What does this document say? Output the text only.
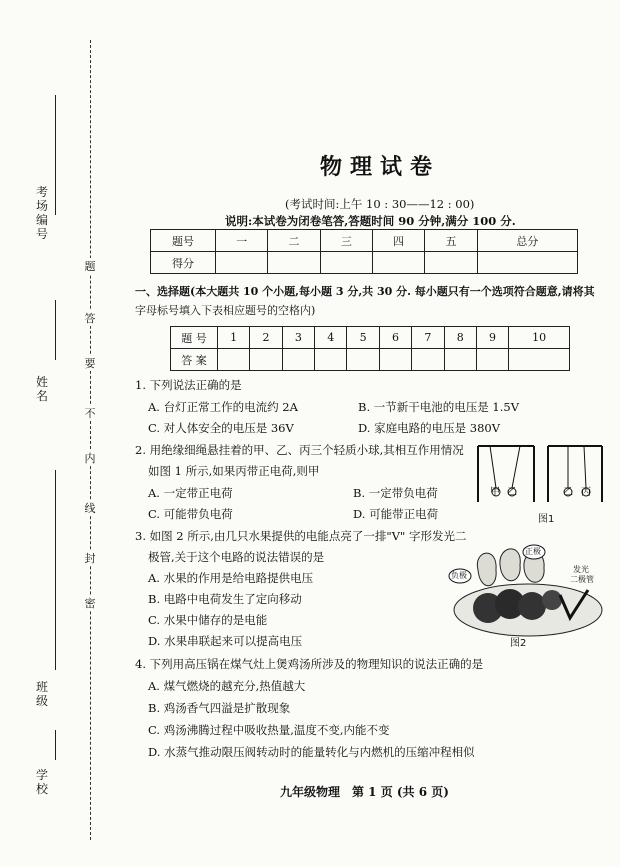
考场编号
姓名
班级
学校
题
答
要
不
内
线
封
密
物理试卷
(考试时间:上午 10 : 30——12 : 00)
说明:本试卷为闭卷笔答,答题时间 90 分钟,满分 100 分.
题号	一	二	三	四	五	总分
得分						
一、选择题(本大题共 10 个小题,每小题 3 分,共 30 分. 每小题只有一个选项符合题意,请将其
字母标号填入下表相应题号的空格内)
题 号	1	2	3	4	5	6	7	8	9	10
答 案										
1. 下列说法正确的是
A. 台灯正常工作的电流约 2A	B. 一节新干电池的电压是 1.5V
C. 对人体安全的电压是 36V	D. 家庭电路的电压是 380V
2. 用绝缘细绳悬挂着的甲、乙、丙三个轻质小球,其相互作用情况
如图 1 所示,如果丙带正电荷,则甲
A. 一定带正电荷	B. 一定带负电荷
C. 可能带负电荷	D. 可能带正电荷
甲 乙	乙 丙
图1
3. 如图 2 所示,由几只水果提供的电能点亮了一排"V" 字形发光二
极管,关于这个电路的说法错误的是
A. 水果的作用是给电路提供电压
B. 电路中电荷发生了定向移动
C. 水果中储存的是电能
D. 水果串联起来可以提高电压
负极
正极
发光
二极管
图2
4. 下列用高压锅在煤气灶上煲鸡汤所涉及的物理知识的说法正确的是
A. 煤气燃烧的越充分,热值越大
B. 鸡汤香气四溢是扩散现象
C. 鸡汤沸腾过程中吸收热量,温度不变,内能不变
D. 水蒸气推动限压阀转动时的能量转化与内燃机的压缩冲程相似
九年级物理　第 1 页 (共 6 页)
